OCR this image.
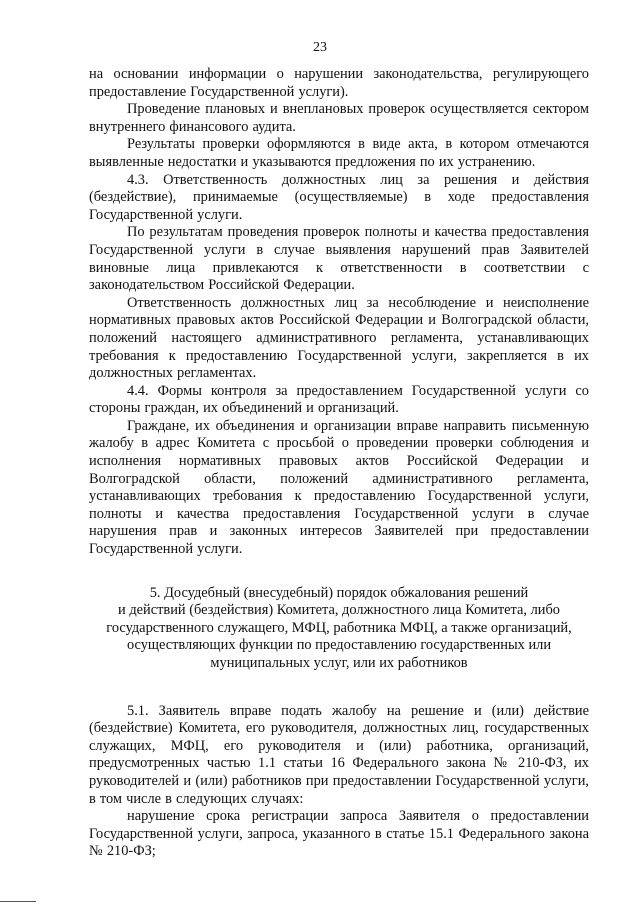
23

на основании информации о нарушении законодательства, регулирующего предоставление Государственной услуги).

Проведение плановых и внеплановых проверок осуществляется сектором внутреннего финансового аудита.

Результаты проверки оформляются в виде акта, в котором отмечаются выявленные недостатки и указываются предложения по их устранению.

4.3. Ответственность должностных лиц за решения и действия (бездействие), принимаемые (осуществляемые) в ходе предоставления Государственной услуги.

По результатам проведения проверок полноты и качества предоставления Государственной услуги в случае выявления нарушений прав Заявителей виновные лица привлекаются к ответственности в соответствии с законодательством Российской Федерации.

Ответственность должностных лиц за несоблюдение и неисполнение нормативных правовых актов Российской Федерации и Волгоградской области, положений настоящего административного регламента, устанавливающих требования к предоставлению Государственной услуги, закрепляется в их должностных регламентах.

4.4. Формы контроля за предоставлением Государственной услуги со стороны граждан, их объединений и организаций.

Граждане, их объединения и организации вправе направить письменную жалобу в адрес Комитета с просьбой о проведении проверки соблюдения и исполнения нормативных правовых актов Российской Федерации и Волгоградской области, положений административного регламента, устанавливающих требования к предоставлению Государственной услуги, полноты и качества предоставления Государственной услуги в случае нарушения прав и законных интересов Заявителей при предоставлении Государственной услуги.

5. Досудебный (внесудебный) порядок обжалования решений
и действий (бездействия) Комитета, должностного лица Комитета, либо
государственного служащего, МФЦ, работника МФЦ, а также организаций,
осуществляющих функции по предоставлению государственных или
муниципальных услуг, или их работников

5.1. Заявитель вправе подать жалобу на решение и (или) действие (бездействие) Комитета, его руководителя, должностных лиц, государственных служащих, МФЦ, его руководителя и (или) работника, организаций, предусмотренных частью 1.1 статьи 16 Федерального закона № 210-ФЗ, их руководителей и (или) работников при предоставлении Государственной услуги, в том числе в следующих случаях:

нарушение срока регистрации запроса Заявителя о предоставлении Государственной услуги, запроса, указанного в статье 15.1 Федерального закона № 210-ФЗ;
